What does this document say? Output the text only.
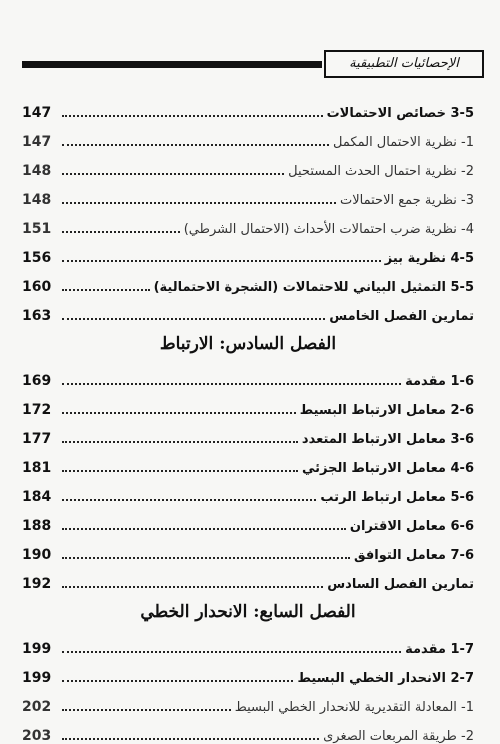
الإحصائيات التطبيقية
147	3-5 خصائص الاحتمالات
147	1- نظرية الاحتمال المكمل
148	2- نظرية احتمال الحدث المستحيل
148	3- نظرية جمع الاحتمالات
151	4- نظرية ضرب احتمالات الأحداث (الاحتمال الشرطي)
156	4-5 نظرية بيز
160	5-5 التمثيل البياني للاحتمالات (الشجرة الاحتمالية)
163	تمارين الفصل الخامس
الفصل السادس: الارتباط
169	1-6 مقدمة
172	2-6 معامل الارتباط البسيط
177	3-6 معامل الارتباط المتعدد
181	4-6 معامل الارتباط الجزئي
184	5-6 معامل ارتباط الرتب
188	6-6 معامل الاقتران
190	7-6 معامل التوافق
192	تمارين الفصل السادس
الفصل السابع: الانحدار الخطي
199	1-7 مقدمة
199	2-7 الانحدار الخطي البسيط
202	1- المعادلة التقديرية للانحدار الخطي البسيط
203	2- طريقة المربعات الصغرى
